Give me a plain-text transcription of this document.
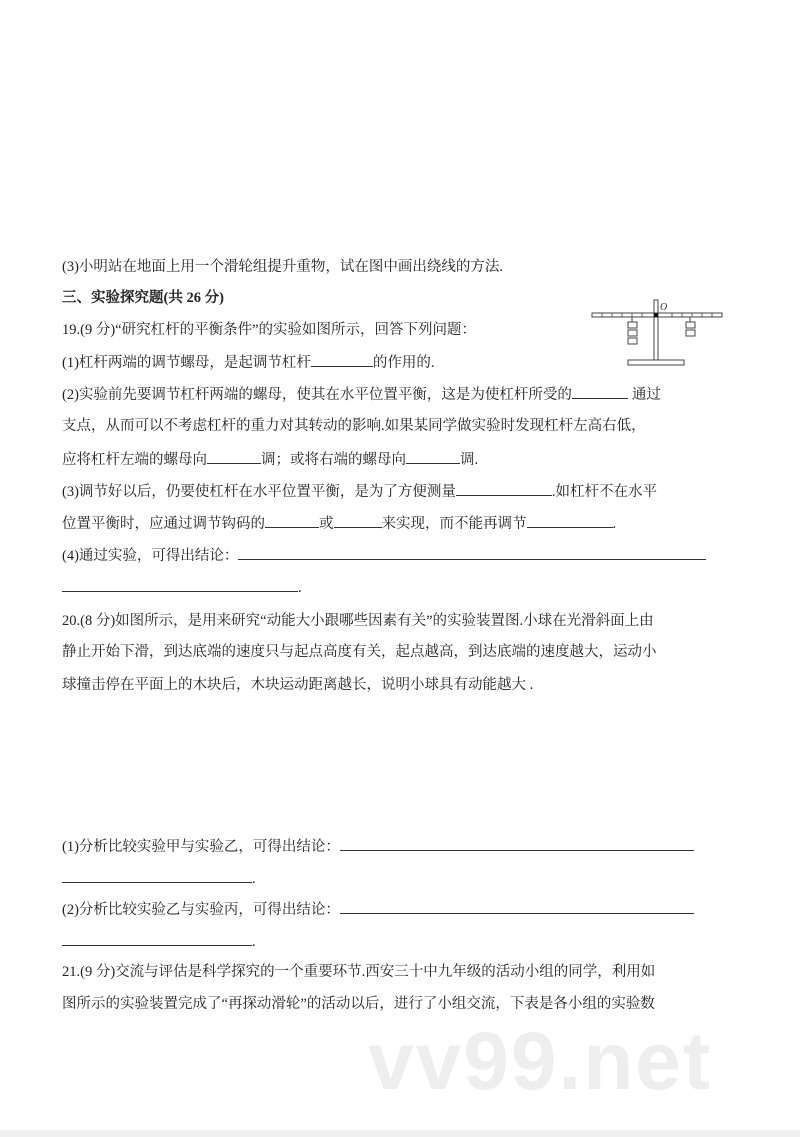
vv99.net
(3)小明站在地面上用一个滑轮组提升重物，试在图中画出绕线的方法.
三、实验探究题(共 26 分)
19.(9 分)“研究杠杆的平衡条件”的实验如图所示，回答下列问题：
O
(1)杠杆两端的调节螺母，是起调节杠杆	的作用的.
(2)实验前先要调节杠杆两端的螺母，使其在水平位置平衡，这是为使杠杆所受的	通过
支点，从而可以不考虑杠杆的重力对其转动的影响.如果某同学做实验时发现杠杆左高右低，
应将杠杆左端的螺母向	调；或将右端的螺母向	调.
(3)调节好以后，仍要使杠杆在水平位置平衡，是为了方便测量	.如杠杆不在水平
位置平衡时，应通过调节钩码的	或	来实现，而不能再调节	.
(4)通过实验，可得出结论：
.
20.(8 分)如图所示，是用来研究“动能大小跟哪些因素有关”的实验装置图.小球在光滑斜面上由
静止开始下滑，到达底端的速度只与起点高度有关，起点越高，到达底端的速度越大，运动小
球撞击停在平面上的木块后，木块运动距离越长，说明小球具有动能越大 .
(1)分析比较实验甲与实验乙，可得出结论：
.
(2)分析比较实验乙与实验丙，可得出结论：
.
21.(9 分)交流与评估是科学探究的一个重要环节.西安三十中九年级的活动小组的同学，利用如
图所示的实验装置完成了“再探动滑轮”的活动以后，进行了小组交流，下表是各小组的实验数
